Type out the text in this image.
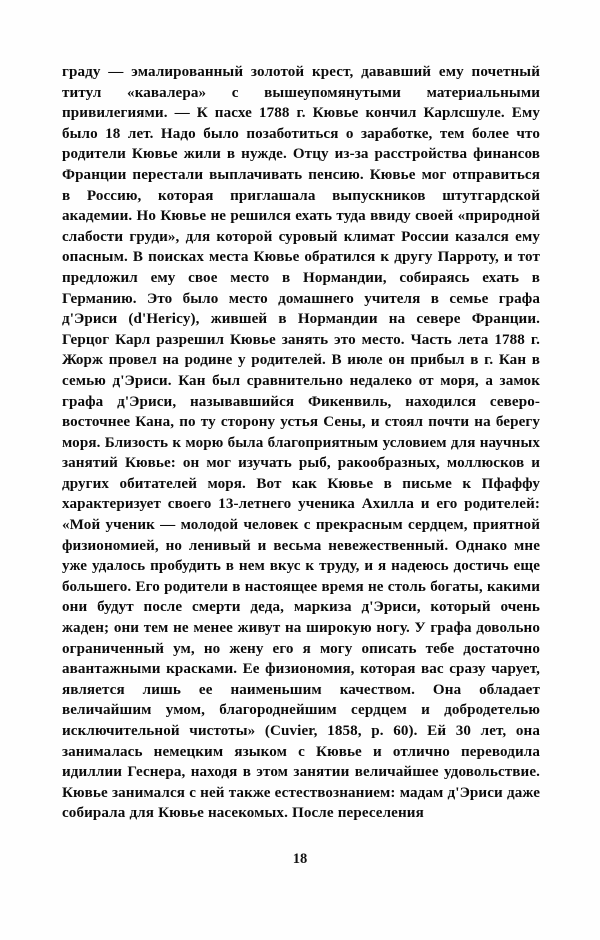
граду — эмалированный золотой крест, дававший ему почетный титул «кавалера» с вышеупомянутыми материальными привилегиями. — К пасхе 1788 г. Кювье кончил Карлсшуле. Ему было 18 лет. Надо было позаботиться о заработке, тем более что родители Кювье жили в нужде. Отцу из-за расстройства финансов Франции перестали выплачивать пенсию. Кювье мог отправиться в Россию, которая приглашала выпускников штутгардской академии. Но Кювье не решился ехать туда ввиду своей «природной слабости груди», для которой суровый климат России казался ему опасным. В поисках места Кювье обратился к другу Парроту, и тот предложил ему свое место в Нормандии, собираясь ехать в Германию. Это было место домашнего учителя в семье графа д'Эриси (d'Hericy), жившей в Нормандии на севере Франции. Герцог Карл разрешил Кювье занять это место. Часть лета 1788 г. Жорж провел на родине у родителей. В июле он прибыл в г. Кан в семью д'Эриси. Кан был сравнительно недалеко от моря, а замок графа д'Эриси, называвшийся Фикенвиль, находился северо-восточнее Кана, по ту сторону устья Сены, и стоял почти на берегу моря. Близость к морю была благоприятным условием для научных занятий Кювье: он мог изучать рыб, ракообразных, моллюсков и других обитателей моря. Вот как Кювье в письме к Пфаффу характеризует своего 13-летнего ученика Ахилла и его родителей: «Мой ученик — молодой человек с прекрасным сердцем, приятной физиономией, но ленивый и весьма невежественный. Однако мне уже удалось пробудить в нем вкус к труду, и я надеюсь достичь еще большего. Его родители в настоящее время не столь богаты, какими они будут после смерти деда, маркиза д'Эриси, который очень жаден; они тем не менее живут на широкую ногу. У графа довольно ограниченный ум, но жену его я могу описать тебе достаточно авантажными красками. Ее физиономия, которая вас сразу чарует, является лишь ее наименьшим качеством. Она обладает величайшим умом, благороднейшим сердцем и добродетелью исключительной чистоты» (Cuvier, 1858, p. 60). Ей 30 лет, она занималась немецким языком с Кювье и отлично переводила идиллии Геснера, находя в этом занятии величайшее удовольствие. Кювье занимался с ней также естествознанием: мадам д'Эриси даже собирала для Кювье насекомых. После переселения

18
